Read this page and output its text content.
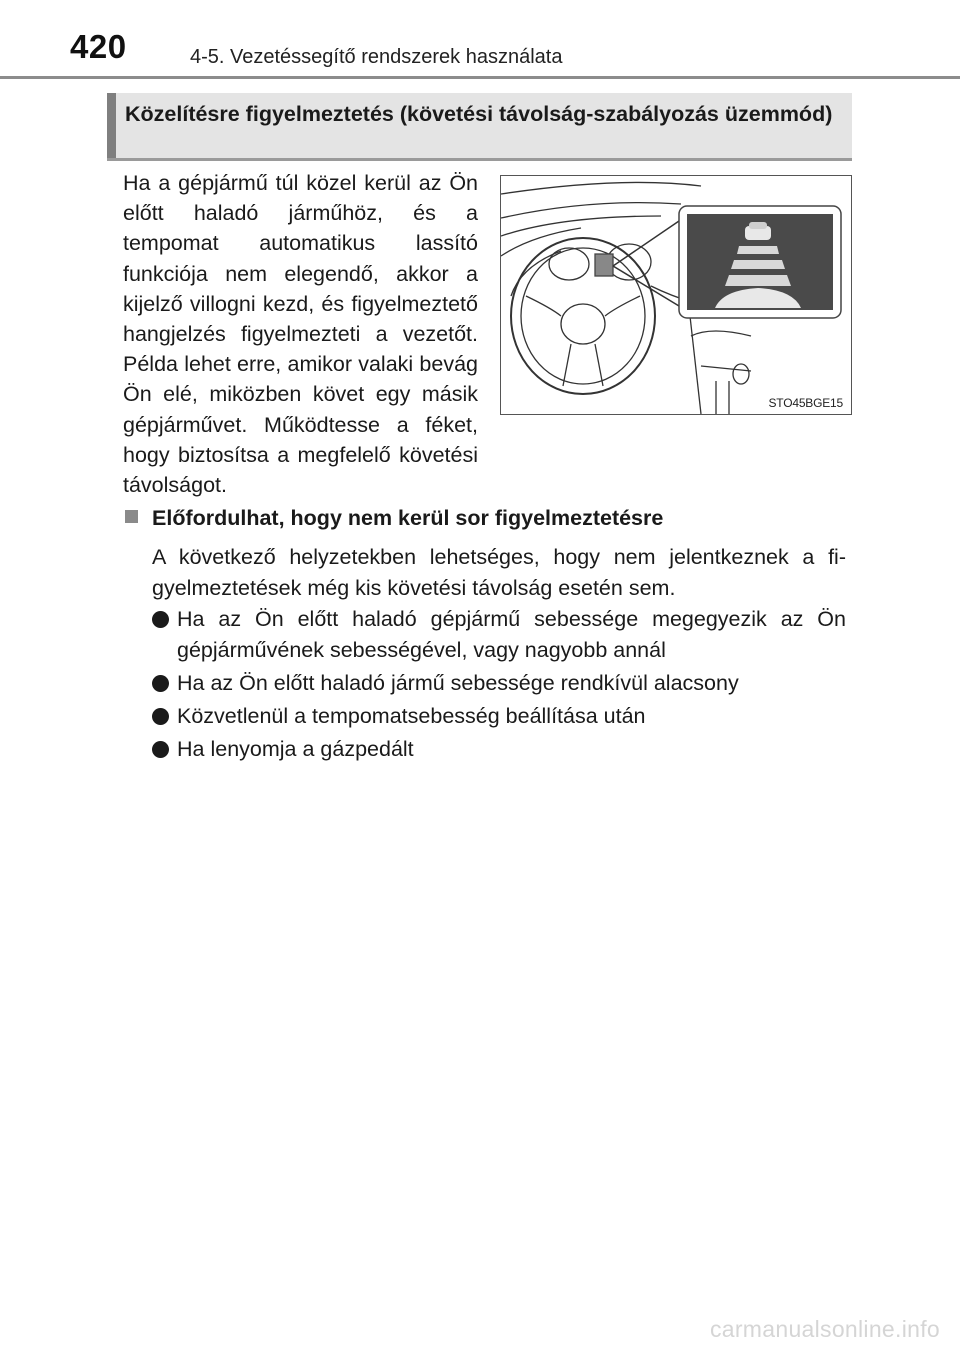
420	4-5. Vezetéssegítő rendszerek használata
Közelítésre figyelmeztetés (követési távolság-szabályozás üzemmód)
Ha a gépjármű túl közel kerül az Ön előtt haladó járműhöz, és a tempomat automatikus lassító funkciója nem elegendő, akkor a kijelző villogni kezd, és figyelmeztető hangjelzés figyelmezteti a vezetőt. Példa lehet erre, amikor valaki bevág Ön elé, miközben követ egy másik gépjárművet. Működtesse a féket, hogy biztosítsa a megfelelő követési távolságot.
STO45BGE15
Előfordulhat, hogy nem kerül sor figyelmeztetésre
A következő helyzetekben lehetséges, hogy nem jelentkeznek a figyelmeztetések még kis követési távolság esetén sem.
Ha az Ön előtt haladó gépjármű sebessége megegyezik az Ön gépjárművének sebességével, vagy nagyobb annál
Ha az Ön előtt haladó jármű sebessége rendkívül alacsony
Közvetlenül a tempomatsebesség beállítása után
Ha lenyomja a gázpedált
carmanualsonline.info
